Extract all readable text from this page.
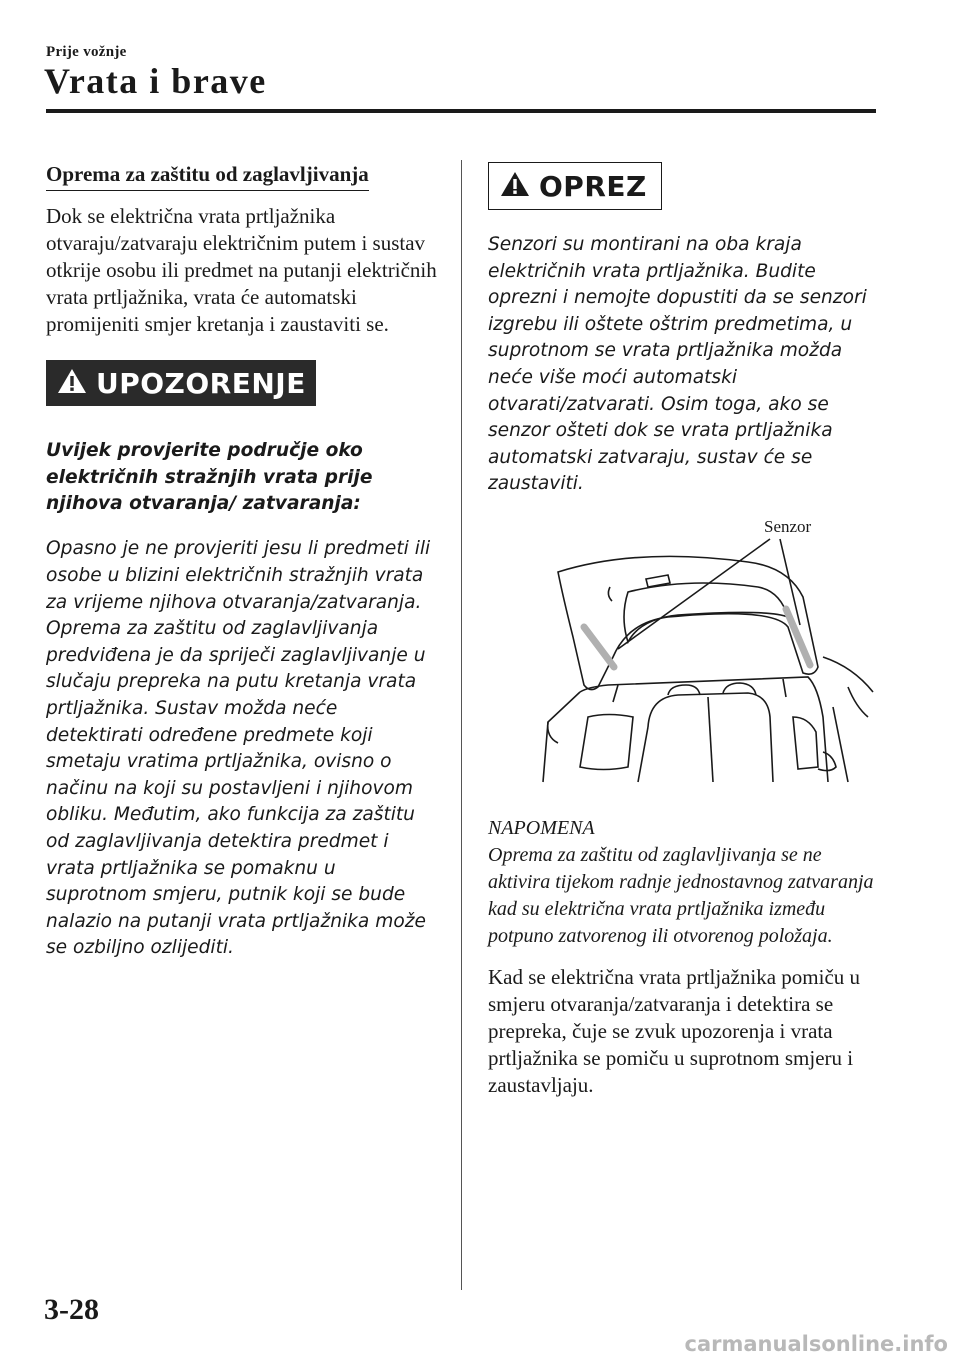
Prije vožnje
Vrata i brave
Oprema za zaštitu od zaglavljivanja

Dok se električna vrata prtljažnika otvaraju/zatvaraju električnim putem i sustav otkrije osobu ili predmet na putanji električnih vrata prtljažnika, vrata će automatski promijeniti smjer kretanja i zaustaviti se.

UPOZORENJE

Uvijek provjerite područje oko električnih stražnjih vrata prije njihova otvaranja/ zatvaranja:

Opasno je ne provjeriti jesu li predmeti ili osobe u blizini električnih stražnjih vrata za vrijeme njihova otvaranja/zatvaranja. Oprema za zaštitu od zaglavljivanja predviđena je da spriječi zaglavljivanje u slučaju prepreka na putu kretanja vrata prtljažnika. Sustav možda neće detektirati određene predmete koji smetaju vratima prtljažnika, ovisno o načinu na koji su postavljeni i njihovom obliku. Međutim, ako funkcija za zaštitu od zaglavljivanja detektira predmet i vrata prtljažnika se pomaknu u suprotnom smjeru, putnik koji se bude nalazio na putanji vrata prtljažnika može se ozbiljno ozlijediti.

OPREZ

Senzori su montirani na oba kraja električnih vrata prtljažnika. Budite oprezni i nemojte dopustiti da se senzori izgrebu ili oštete oštrim predmetima, u suprotnom se vrata prtljažnika možda neće više moći automatski otvarati/zatvarati. Osim toga, ako se senzor ošteti dok se vrata prtljažnika automatski zatvaraju, sustav će se zaustaviti.

Senzor
NAPOMENA

Oprema za zaštitu od zaglavljivanja se ne aktivira tijekom radnje jednostavnog zatvaranja kad su električna vrata prtljažnika između potpuno zatvorenog ili otvorenog položaja.

Kad se električna vrata prtljažnika pomiču u smjeru otvaranja/zatvaranja i detektira se prepreka, čuje se zvuk upozorenja i vrata prtljažnika se pomiču u suprotnom smjeru i zaustavljaju.

3-28
carmanualsonline.info
